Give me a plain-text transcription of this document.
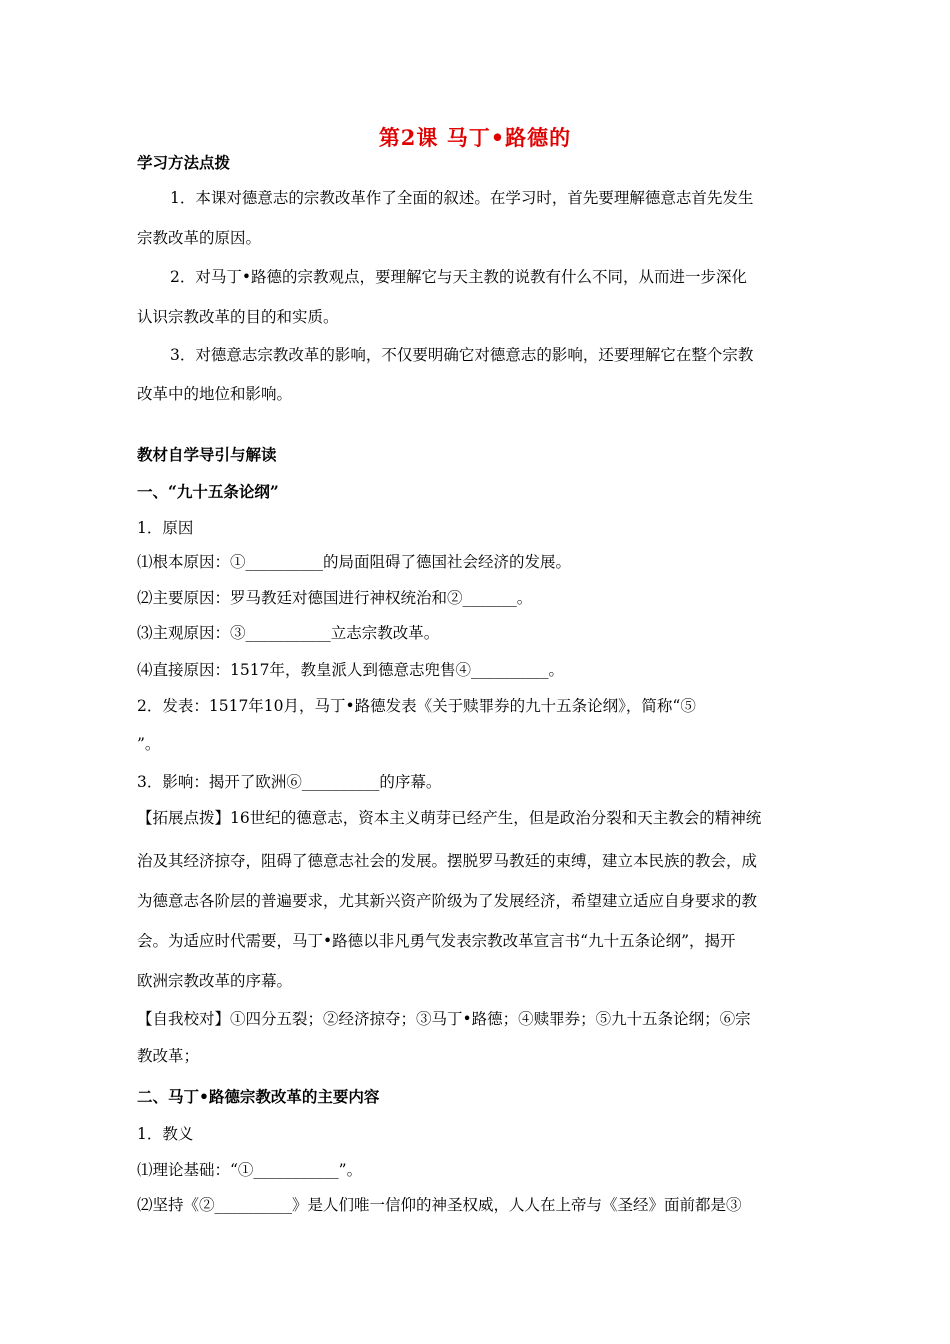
第2课 马丁•路德的
学习方法点拨
1．本课对德意志的宗教改革作了全面的叙述。在学习时，首先要理解德意志首先发生
宗教改革的原因。
2．对马丁•路德的宗教观点，要理解它与天主教的说教有什么不同，从而进一步深化
认识宗教改革的目的和实质。
3．对德意志宗教改革的影响，不仅要明确它对德意志的影响，还要理解它在整个宗教
改革中的地位和影响。
教材自学导引与解读
一、“九十五条论纲”
1．原因
⑴根本原因：①__________的局面阻碍了德国社会经济的发展。
⑵主要原因：罗马教廷对德国进行神权统治和②_______。
⑶主观原因：③___________立志宗教改革。
⑷直接原因：1517年，教皇派人到德意志兜售④__________。
2．发表：1517年10月，马丁•路德发表《关于赎罪券的九十五条论纲》，简称“⑤
”。
3．影响：揭开了欧洲⑥__________的序幕。
【拓展点拨】16世纪的德意志，资本主义萌芽已经产生，但是政治分裂和天主教会的精神统
治及其经济掠夺，阻碍了德意志社会的发展。摆脱罗马教廷的束缚，建立本民族的教会，成
为德意志各阶层的普遍要求，尤其新兴资产阶级为了发展经济，希望建立适应自身要求的教
会。为适应时代需要，马丁•路德以非凡勇气发表宗教改革宣言书“九十五条论纲”，揭开
欧洲宗教改革的序幕。
【自我校对】①四分五裂；②经济掠夺；③马丁•路德；④赎罪券；⑤九十五条论纲；⑥宗
教改革；
二、马丁•路德宗教改革的主要内容
1．教义
⑴理论基础：“①___________”。
⑵坚持《②__________》是人们唯一信仰的神圣权威，人人在上帝与《圣经》面前都是③
